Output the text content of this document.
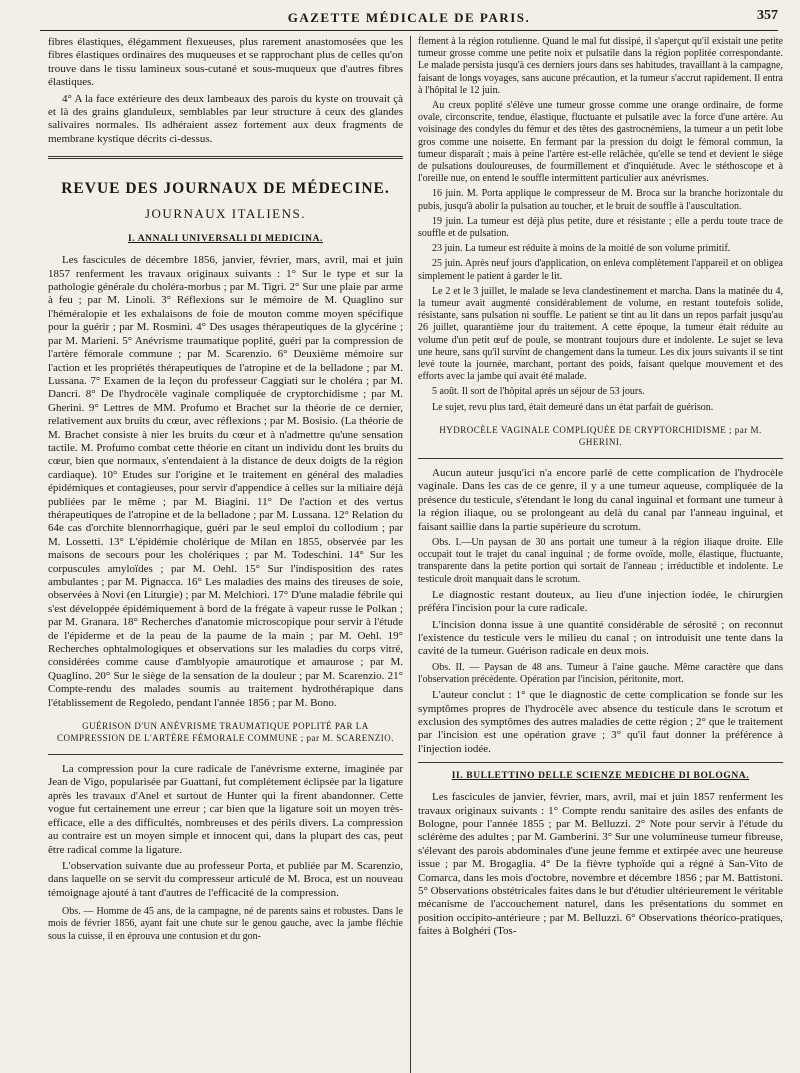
GAZETTE MÉDICALE DE PARIS.	357

fibres élastiques, élégamment flexueuses, plus rarement anastomosées que les fibres élastiques ordinaires des muqueuses et se rapprochant plus de celles qu'on trouve dans le tissu lamineux sous-cutané et sous-muqueux que d'autres fibres élastiques.

4° A la face extérieure des deux lambeaux des parois du kyste on trouvait çà et là des grains glanduleux, semblables par leur structure à ceux des glandes salivaires normales. Ils adhéraient assez fortement aux deux fragments de membrane kystique décrits ci-dessus.

REVUE DES JOURNAUX DE MÉDECINE.
JOURNAUX ITALIENS.
I. ANNALI UNIVERSALI DI MEDICINA.

Les fascicules de décembre 1856, janvier, février, mars, avril, mai et juin 1857 renferment les travaux originaux suivants : 1° Sur le type et sur la pathologie générale du choléra-morbus ; par M. Tigri. 2° Sur une plaie par arme à feu ; par M. Linoli. 3° Réflexions sur le mémoire de M. Quaglino sur l'héméralopie et les exhalaisons de foie de mouton comme moyen spécifique pour la guérir ; par M. Rosmini. 4° Des usages thérapeutiques de la glycérine ; par M. Marieni. 5° Anévrisme traumatique poplité, guéri par la compression de l'artère fémorale commune ; par M. Scarenzio. 6° Deuxième mémoire sur l'action et les propriétés thérapeutiques de l'atropine et de la belladone ; par M. Lussana. 7° Examen de la leçon du professeur Caggiati sur le choléra ; par M. Dancri. 8° De l'hydrocèle vaginale compliquée de cryptorchidisme ; par M. Gherini. 9° Lettres de MM. Profumo et Brachet sur la théorie de ce dernier, relativement aux bruits du cœur, avec réflexions ; par M. Bosisio. (La théorie de M. Brachet consiste à nier les bruits du cœur et à n'admettre qu'une sensation tactile. M. Profumo combat cette théorie en citant un individu dont les bruits du cœur, bien que normaux, s'entendaient à la distance de deux doigts de la région cardiaque). 10° Etudes sur l'origine et le traitement en général des maladies épidémiques et contagieuses, pour servir d'appendice à celles sur la miliaire déjà publiées par le même ; par M. Biagini. 11° De l'action et des vertus thérapeutiques de l'atropine et de la belladone ; par M. Lussana. 12° Relation du 64e cas d'orchite blennorrhagique, guéri par le seul emploi du collodium ; par M. Lossetti. 13° L'épidémie cholérique de Milan en 1855, observée par les maisons de secours pour les cholériques ; par M. Todeschini. 14° Sur les corpuscules amyloïdes ; par M. Oehl. 15° Sur l'indisposition des rates ambulantes ; par M. Pignacca. 16° Les maladies des mains des tireuses de soie, observées à Novi (en Liturgie) ; par M. Melchiori. 17° D'une maladie fébrile qui s'est développée épidémiquement à bord de la frégate à vapeur russe le Polkan ; par M. Granara. 18° Recherches d'anatomie microscopique pour servir à l'étude de l'épiderme et de la peau de la paume de la main ; par M. Oehl. 19° Recherches ophtalmologiques et observations sur les maladies du corps vitré, considérées comme cause d'amblyopie amaurotique et amaurose ; par M. Quaglino. 20° Sur le siège de la sensation de la douleur ; par M. Scarenzio. 21° Compte-rendu des malades soumis au traitement hydrothérapique dans l'établissement de Regoledo, pendant l'année 1856 ; par M. Bono.

GUÉRISON D'UN ANÉVRISME TRAUMATIQUE POPLITÉ PAR LA COMPRESSION DE L'ARTÈRE FÉMORALE COMMUNE ; par M. SCARENZIO.

La compression pour la cure radicale de l'anévrisme externe, imaginée par Jean de Vigo, popularisée par Guattani, fut complétement éclipsée par la ligature après les travaux d'Anel et surtout de Hunter qui la firent abandonner. Cette vogue fut certainement une erreur ; car bien que la ligature soit un moyen très-efficace, elle a des difficultés, nombreuses et des périls divers. La compression au contraire est un moyen simple et innocent qui, dans la plupart des cas, peut être radical comme la ligature.

L'observation suivante due au professeur Porta, et publiée par M. Scarenzio, dans laquelle on se servit du compresseur articulé de M. Broca, est un nouveau témoignage ajouté à tant d'autres de l'efficacité de la compression.

Obs. — Homme de 45 ans, de la campagne, né de parents sains et robustes. Dans le mois de février 1856, ayant fait une chute sur le genou gauche, avec la jambe fléchie sous la cuisse, il en éprouva une contusion et du gon-

flement à la région rotulienne. Quand le mal fut dissipé, il s'aperçut qu'il existait une petite tumeur grosse comme une petite noix et pulsatile dans la région poplitée correspondante. Le malade persista jusqu'à ces derniers jours dans ses habitudes, travaillant à la campagne, faisant de longs voyages, sans aucune précaution, et la tumeur s'accrut rapidement. Il entra à l'hôpital le 12 juin.

Au creux poplité s'élève une tumeur grosse comme une orange ordinaire, de forme ovale, circonscrite, tendue, élastique, fluctuante et pulsatile avec la force d'une artère. Au voisinage des condyles du fémur et des têtes des gastrocnémiens, la tumeur a un petit lobe gros comme une noisette. En fermant par la pression du doigt le fémoral commun, la tumeur disparaît ; mais à peine l'artère est-elle relâchée, qu'elle se tend et devient le siège de pulsations douloureuses, de fourmillement et d'inquiétude. Avec le stéthoscope et à l'oreille nue, on entend le souffle intermittent particulier aux anévrismes.

16 juin. M. Porta applique le compresseur de M. Broca sur la branche horizontale du pubis, jusqu'à abolir la pulsation au toucher, et le bruit de souffle à l'auscultation.

19 juin. La tumeur est déjà plus petite, dure et résistante ; elle a perdu toute trace de souffle et de pulsation.

23 juin. La tumeur est réduite à moins de la moitié de son volume primitif.

25 juin. Après neuf jours d'application, on enleva complètement l'appareil et on obligea simplement le patient à garder le lit.

Le 2 et le 3 juillet, le malade se leva clandestinement et marcha. Dans la matinée du 4, la tumeur avait augmenté considérablement de volume, en restant toutefois solide, résistante, sans pulsation ni souffle. Le patient se tint au lit dans un repos parfait jusqu'au 26 juillet, quarantième jour du traitement. A cette époque, la tumeur était réduite au volume d'un petit œuf de poule, se montrant toujours dure et indolente. Le sujet se leva une heure, sans qu'il survînt de changement dans la tumeur. Les dix jours suivants il se tint levé toute la journée, marchant, portant des poids, faisant quelque mouvement et des efforts avec la jambe qui avait été malade.

5 août. Il sort de l'hôpital après un séjour de 53 jours.

Le sujet, revu plus tard, était demeuré dans un état parfait de guérison.

HYDROCÈLE VAGINALE COMPLIQUÉE DE CRYPTORCHIDISME ; par M. GHERINI.

Aucun auteur jusqu'ici n'a encore parlé de cette complication de l'hydrocèle vaginale. Dans les cas de ce genre, il y a une tumeur aqueuse, compliquée de la présence du testicule, s'étendant le long du canal inguinal et formant une tumeur à la région iliaque, ou se prolongeant au delà du canal par l'anneau inguinal, et faisant saillie dans la partie supérieure du scrotum.

Obs. I.—Un paysan de 30 ans portait une tumeur à la région iliaque droite. Elle occupait tout le trajet du canal inguinal ; de forme ovoïde, molle, élastique, fluctuante, transparente dans la petite portion qui sortait de l'anneau ; irréductible et indolente. Le testicule droit manquait dans le scrotum.

Le diagnostic restant douteux, au lieu d'une injection iodée, le chirurgien préféra l'incision pour la cure radicale.

L'incision donna issue à une quantité considérable de sérosité ; on reconnut l'existence du testicule vers le milieu du canal ; on introduisit une tente dans la cavité de la tumeur. Guérison radicale en deux mois.

Obs. II. — Paysan de 48 ans. Tumeur à l'aine gauche. Même caractère que dans l'observation précédente. Opération par l'incision, péritonite, mort.

L'auteur conclut : 1° que le diagnostic de cette complication se fonde sur les symptômes propres de l'hydrocèle avec absence du testicule dans le scrotum et exclusion des symptômes des autres maladies de cette région ; 2° que le traitement par l'incision est une opération grave ; 3° qu'il faut donner la préférence à l'injection iodée.

II. BULLETTINO DELLE SCIENZE MEDICHE DI BOLOGNA.

Les fascicules de janvier, février, mars, avril, mai et juin 1857 renferment les travaux originaux suivants : 1° Compte rendu sanitaire des asiles des enfants de Bologne, pour l'année 1855 ; par M. Belluzzi. 2° Note pour servir à l'étude du sclérème des adultes ; par M. Gamberini. 3° Sur une volumineuse tumeur fibreuse, s'élevant des parois abdominales d'une jeune femme et extirpée avec une heureuse issue ; par M. Brogaglia. 4° De la fièvre typhoïde qui a régné à San-Vito de Comarca, dans les mois d'octobre, novembre et décembre 1856 ; par M. Battistoni. 5° Observations obstétricales faites dans le but d'étudier ultérieurement le véritable mécanisme de l'accouchement naturel, dans les présentations du sommet en position occipito-antérieure ; par M. Belluzzi. 6° Observations théorico-pratiques, faites à Bolghéri (Tos-
